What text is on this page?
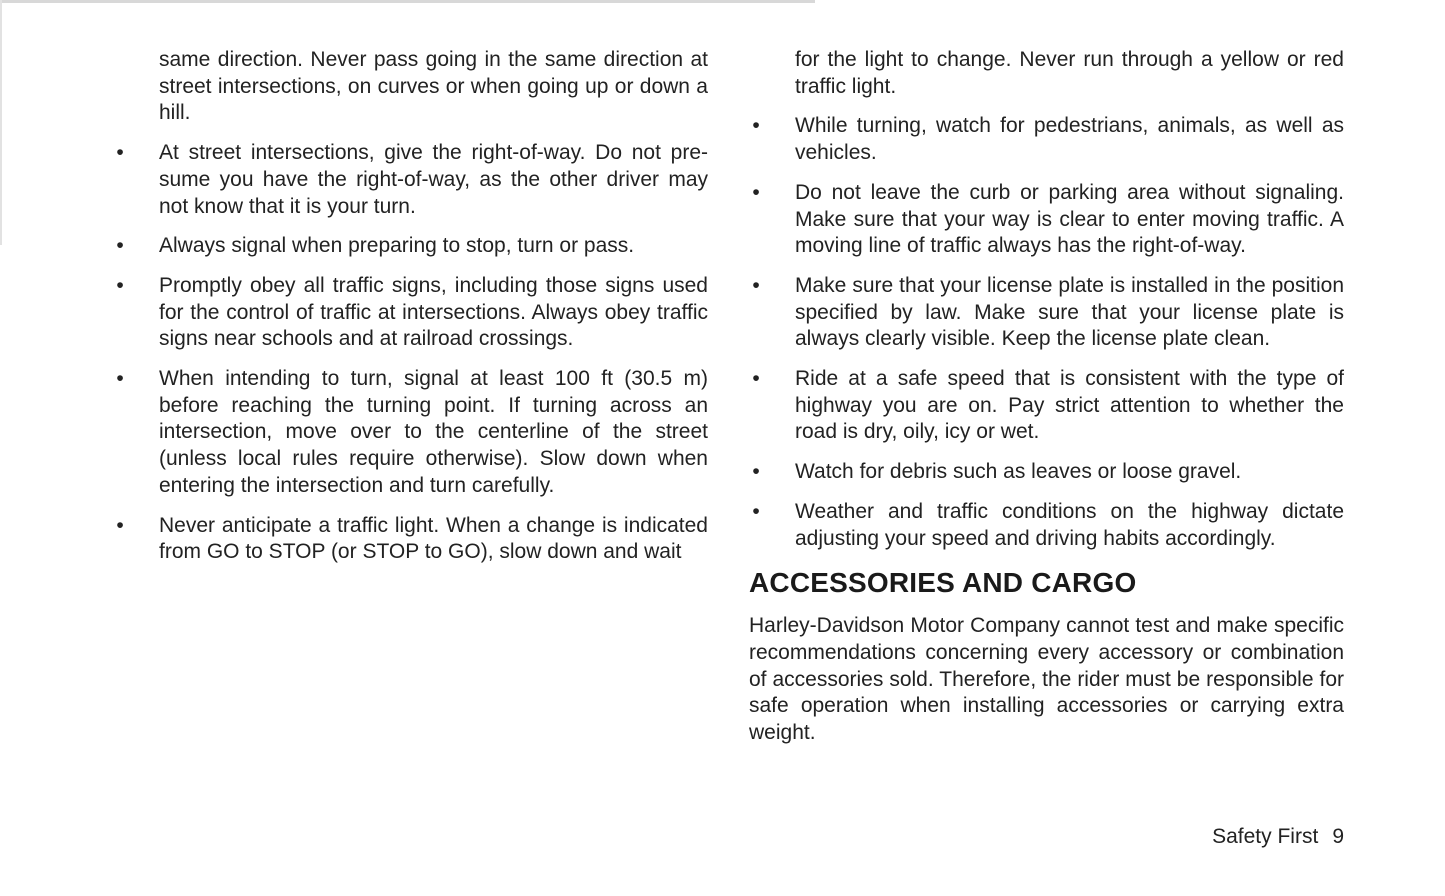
same direction. Never pass going in the same direction at street intersections, on curves or when going up or down a hill.
• At street intersections, give the right-of-way. Do not presume you have the right-of-way, as the other driver may not know that it is your turn.
• Always signal when preparing to stop, turn or pass.
• Promptly obey all traffic signs, including those signs used for the control of traffic at intersections. Always obey traffic signs near schools and at railroad crossings.
• When intending to turn, signal at least 100 ft (30.5 m) before reaching the turning point. If turning across an intersection, move over to the centerline of the street (unless local rules require otherwise). Slow down when entering the intersection and turn carefully.
• Never anticipate a traffic light. When a change is indicated from GO to STOP (or STOP to GO), slow down and wait
for the light to change. Never run through a yellow or red traffic light.
• While turning, watch for pedestrians, animals, as well as vehicles.
• Do not leave the curb or parking area without signaling. Make sure that your way is clear to enter moving traffic. A moving line of traffic always has the right-of-way.
• Make sure that your license plate is installed in the position specified by law. Make sure that your license plate is always clearly visible. Keep the license plate clean.
• Ride at a safe speed that is consistent with the type of highway you are on. Pay strict attention to whether the road is dry, oily, icy or wet.
• Watch for debris such as leaves or loose gravel.
• Weather and traffic conditions on the highway dictate adjusting your speed and driving habits accordingly.
ACCESSORIES AND CARGO
Harley-Davidson Motor Company cannot test and make specific recommendations concerning every accessory or combination of accessories sold. Therefore, the rider must be responsible for safe operation when installing accessories or carrying extra weight.
Safety First 9
